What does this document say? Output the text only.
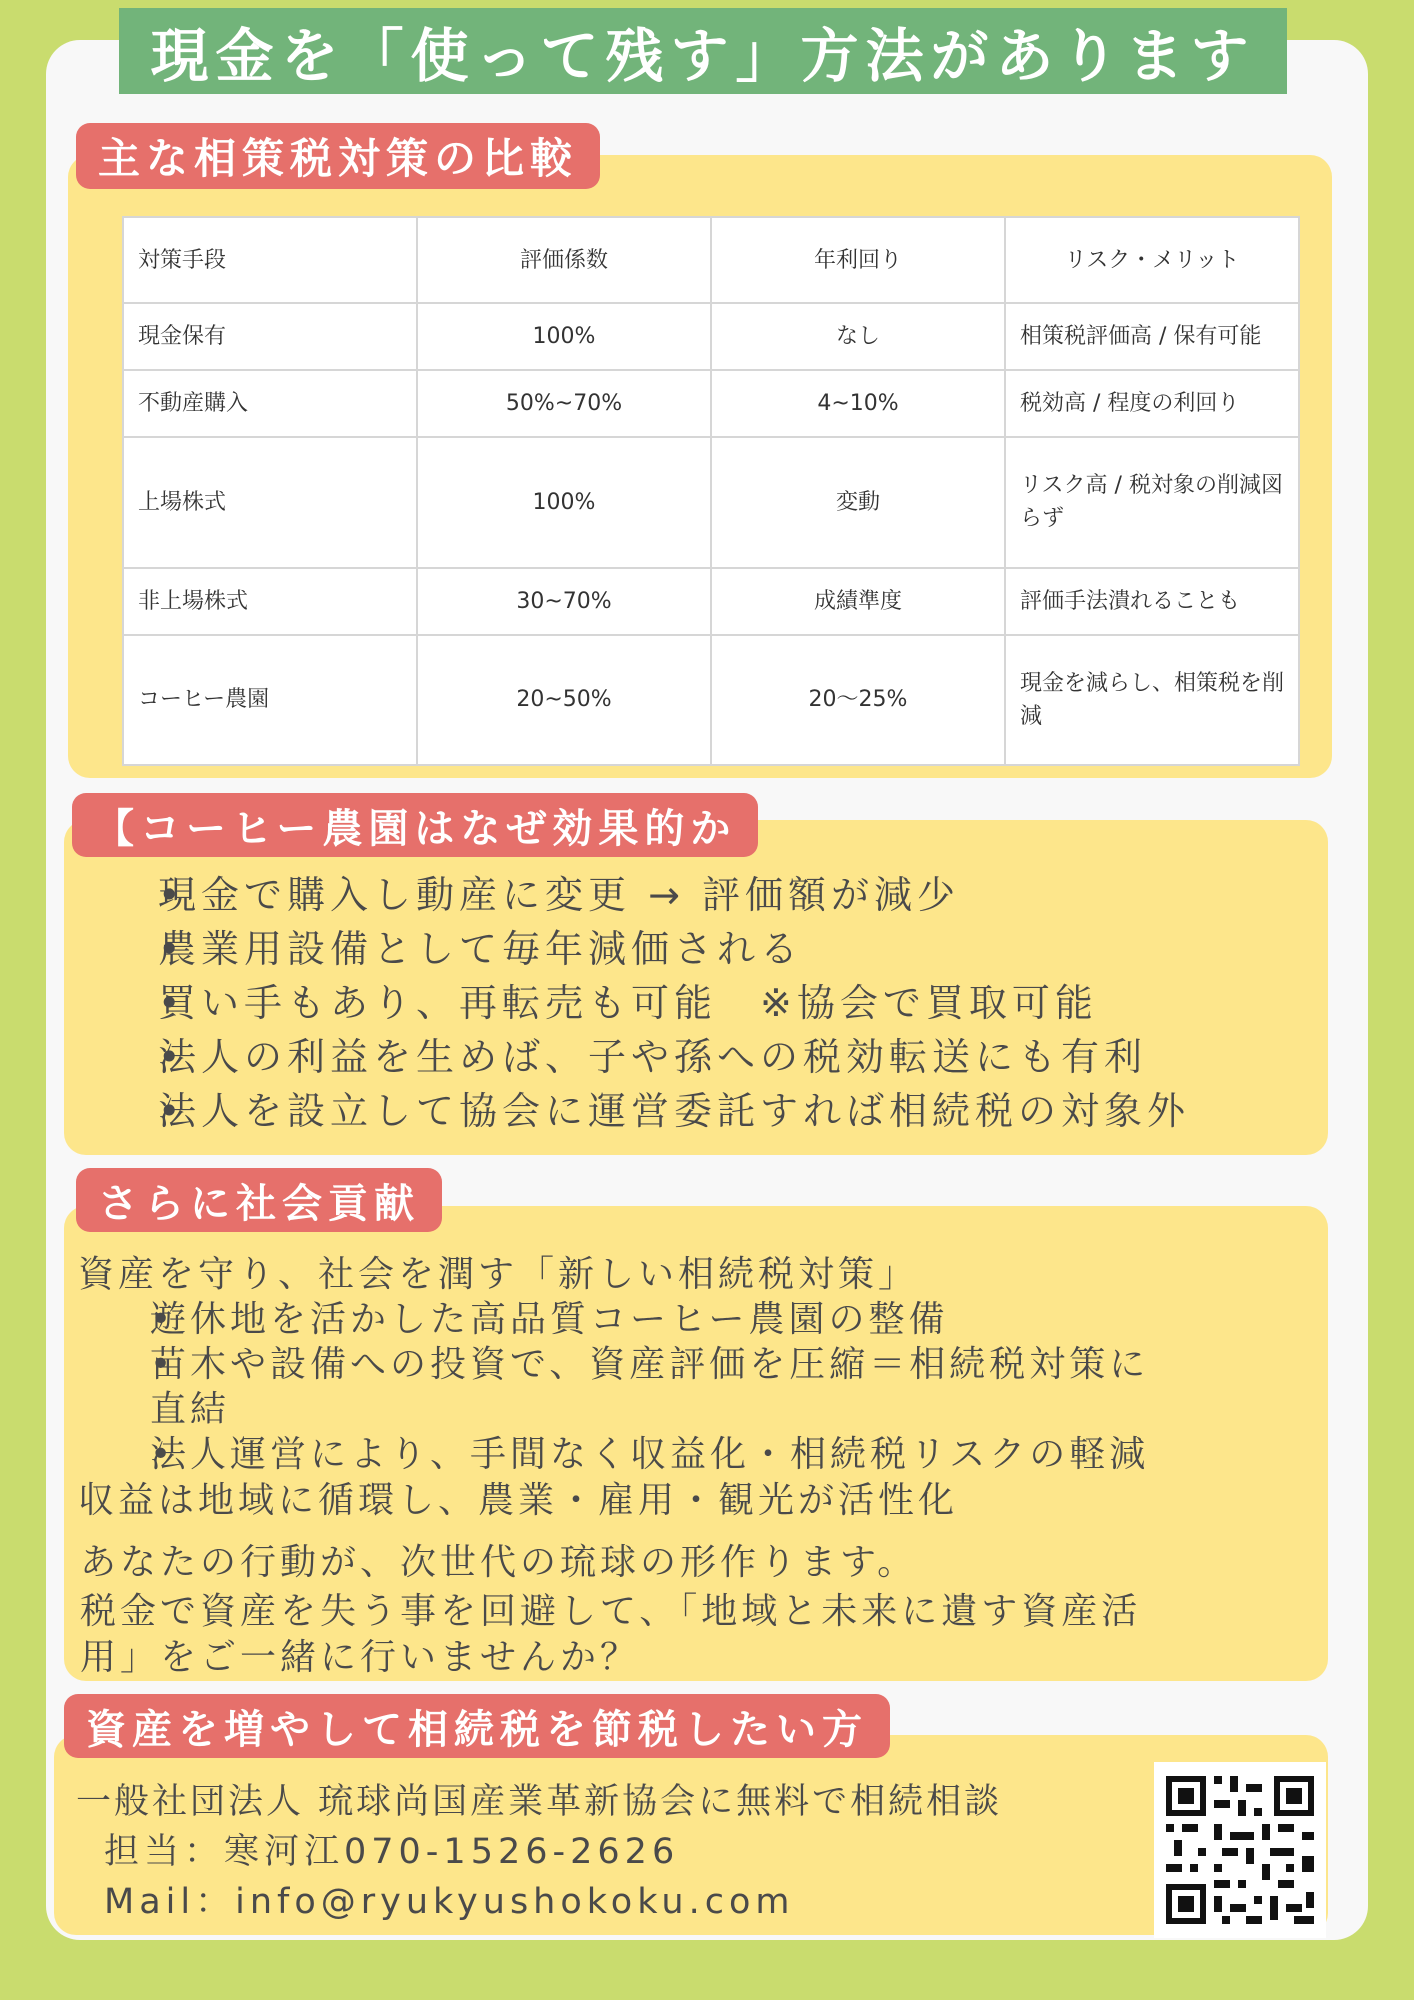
現金を「使って残す」方法があります
主な相策税対策の比較
対策手段	評価係数	年利回り	リスク・メリット
現金保有	100%	なし	相策税評価高 / 保有可能
不動産購入	50%~70%	4~10%	税効高 / 程度の利回り
上場株式	100%	変動	リスク高 / 税対象の削減図らず
非上場株式	30~70%	成績準度	評価手法潰れることも
コーヒー農園	20~50%	20～25%	現金を減らし、相策税を削減
【コーヒー農園はなぜ効果的か
• 現金で購入し動産に変更 → 評価額が減少
• 農業用設備として毎年減価される
• 買い手もあり、再転売も可能　※協会で買取可能
• 法人の利益を生めば、子や孫への税効転送にも有利
• 法人を設立して協会に運営委託すれば相続税の対象外
さらに社会貢献
資産を守り、社会を潤す「新しい相続税対策」
• 遊休地を活かした高品質コーヒー農園の整備
• 苗木や設備への投資で、資産評価を圧縮＝相続税対策に
直結
• 法人運営により、手間なく収益化・相続税リスクの軽減
収益は地域に循環し、農業・雇用・観光が活性化
あなたの行動が、次世代の琉球の形作ります。
税金で資産を失う事を回避して、「地域と未来に遺す資産活
用」をご一緒に行いませんか？
資産を増やして相続税を節税したい方
一般社団法人 琉球尚国産業革新協会に無料で相続相談
担当：寒河江070-1526-2626
Mail：info@ryukyushokoku.com
